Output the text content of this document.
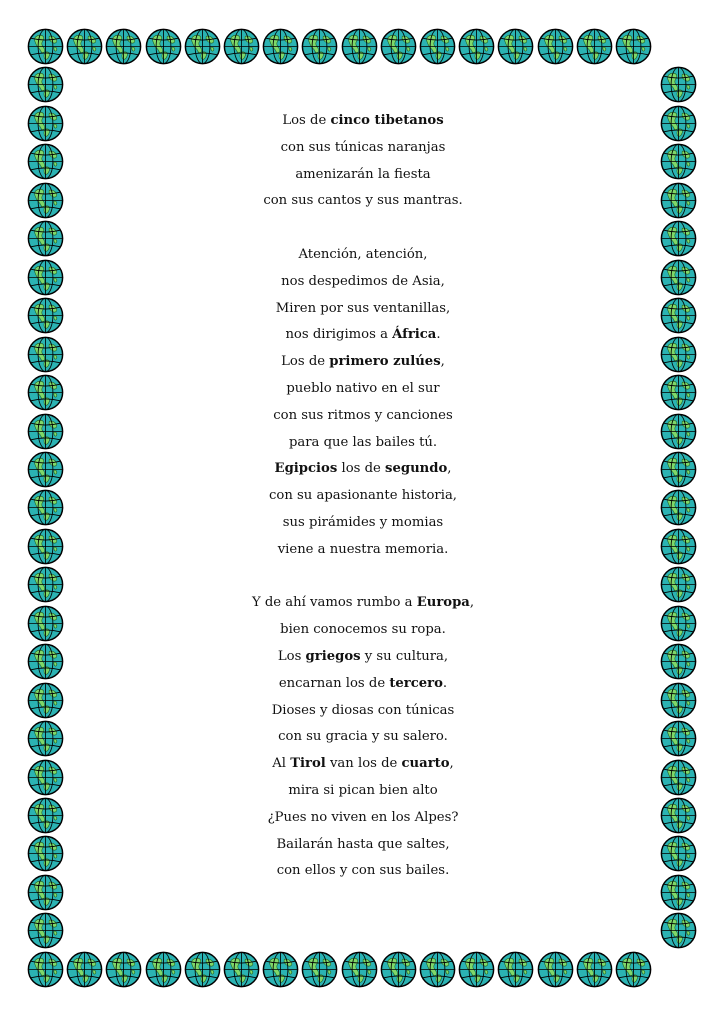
Los de cinco tibetanos
con sus túnicas naranjas
amenizarán la fiesta
con sus cantos y sus mantras.
Atención, atención,
nos despedimos de Asia,
Miren por sus ventanillas,
nos dirigimos a África.
Los de primero zulúes,
pueblo nativo en el sur
con sus ritmos y canciones
para que las bailes tú.
Egipcios los de segundo,
con su apasionante historia,
sus pirámides y momias
viene a nuestra memoria.
Y de ahí vamos rumbo a Europa,
bien conocemos su ropa.
Los griegos y su cultura,
encarnan los de tercero.
Dioses y diosas con túnicas
con su gracia y su salero.
Al Tirol van los de cuarto,
mira si pican bien alto
¿Pues no viven en los Alpes?
Bailarán hasta que saltes,
con ellos y con sus bailes.
